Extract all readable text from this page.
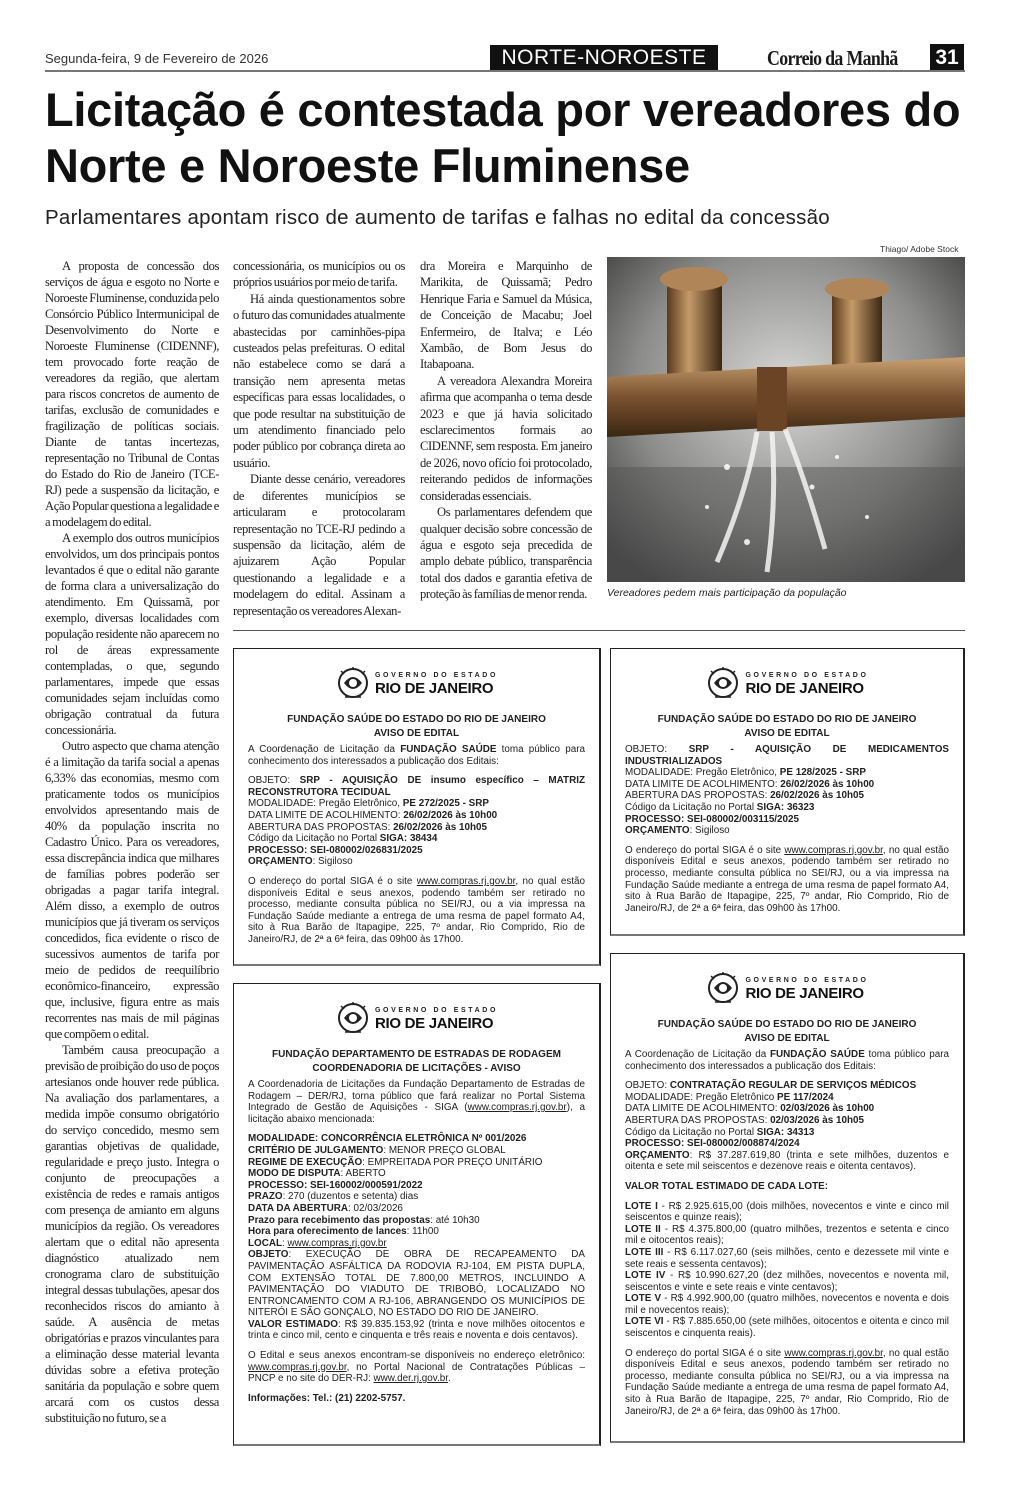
Segunda-feira, 9 de Fevereiro de 2026	NORTE-NOROESTE	Correio da Manhã 31
Licitação é contestada por vereadores do Norte e Noroeste Fluminense
Parlamentares apontam risco de aumento de tarifas e falhas no edital da concessão

A proposta de concessão dos serviços de água e esgoto no Norte e Noroeste Fluminense, conduzida pelo Consórcio Público Intermunicipal de Desenvolvimento do Norte e Noroeste Fluminense (CIDENNF), tem provocado forte reação de vereadores da região, que alertam para riscos concretos de aumento de tarifas, exclusão de comunidades e fragilização de políticas sociais. Diante de tantas incertezas, representação no Tribunal de Contas do Estado do Rio de Janeiro (TCE-RJ) pede a suspensão da licitação, e Ação Popular questiona a legalidade e a modelagem do edital.

A exemplo dos outros municípios envolvidos, um dos principais pontos levantados é que o edital não garante de forma clara a universalização do atendimento. Em Quissamã, por exemplo, diversas localidades com população residente não aparecem no rol de áreas expressamente contempladas, o que, segundo parlamentares, impede que essas comunidades sejam incluídas como obrigação contratual da futura concessionária.

Outro aspecto que chama atenção é a limitação da tarifa social a apenas 6,33% das economias, mesmo com praticamente todos os municípios envolvidos apresentando mais de 40% da população inscrita no Cadastro Único. Para os vereadores, essa discrepância indica que milhares de famílias pobres poderão ser obrigadas a pagar tarifa integral. Além disso, a exemplo de outros municípios que já tiveram os serviços concedidos, fica evidente o risco de sucessivos aumentos de tarifa por meio de pedidos de reequilíbrio econômico-financeiro, expressão que, inclusive, figura entre as mais recorrentes nas mais de mil páginas que compõem o edital.

Também causa preocupação a previsão de proibição do uso de poços artesianos onde houver rede pública. Na avaliação dos parlamentares, a medida impõe consumo obrigatório do serviço concedido, mesmo sem garantias objetivas de qualidade, regularidade e preço justo. Integra o conjunto de preocupações a existência de redes e ramais antigos com presença de amianto em alguns municípios da região. Os vereadores alertam que o edital não apresenta diagnóstico atualizado nem cronograma claro de substituição integral dessas tubulações, apesar dos reconhecidos riscos do amianto à saúde. A ausência de metas obrigatórias e prazos vinculantes para a eliminação desse material levanta dúvidas sobre a efetiva proteção sanitária da população e sobre quem arcará com os custos dessa substituição no futuro, se a

concessionária, os municípios ou os próprios usuários por meio de tarifa.

Há ainda questionamentos sobre o futuro das comunidades atualmente abastecidas por caminhões-pipa custeados pelas prefeituras. O edital não estabelece como se dará a transição nem apresenta metas específicas para essas localidades, o que pode resultar na substituição de um atendimento financiado pelo poder público por cobrança direta ao usuário.

Diante desse cenário, vereadores de diferentes municípios se articularam e protocolaram representação no TCE-RJ pedindo a suspensão da licitação, além de ajuizarem Ação Popular questionando a legalidade e a modelagem do edital. Assinam a representação os vereadores Alexan-

dra Moreira e Marquinho de Marikita, de Quissamã; Pedro Henrique Faria e Samuel da Música, de Conceição de Macabu; Joel Enfermeiro, de Italva; e Léo Xambão, de Bom Jesus do Itabapoana.

A vereadora Alexandra Moreira afirma que acompanha o tema desde 2023 e que já havia solicitado esclarecimentos formais ao CIDENNF, sem resposta. Em janeiro de 2026, novo ofício foi protocolado, reiterando pedidos de informações consideradas essenciais.

Os parlamentares defendem que qualquer decisão sobre concessão de água e esgoto seja precedida de amplo debate público, transparência total dos dados e garantia efetiva de proteção às famílias de menor renda.

Thiago/ Adobe Stock
Vereadores pedem mais participação da população
GOVERNO DO ESTADO
RIO DE JANEIRO
FUNDAÇÃO SAÚDE DO ESTADO DO RIO DE JANEIRO
AVISO DE EDITAL
A Coordenação de Licitação da FUNDAÇÃO SAÚDE toma público para conhecimento dos interessados a publicação dos Editais:
OBJETO: SRP - AQUISIÇÃO DE insumo específico – MATRIZ RECONSTRUTORA TECIDUAL
MODALIDADE: Pregão Eletrônico, PE 272/2025 - SRP
DATA LIMITE DE ACOLHIMENTO: 26/02/2026 às 10h00
ABERTURA DAS PROPOSTAS: 26/02/2026 às 10h05
Código da Licitação no Portal SIGA: 38434
PROCESSO: SEI-080002/026831/2025
ORÇAMENTO: Sigiloso
O endereço do portal SIGA é o site www.compras.rj.gov.br, no qual estão disponíveis Edital e seus anexos, podendo também ser retirado no processo, mediante consulta pública no SEI/RJ, ou a via impressa na Fundação Saúde mediante a entrega de uma resma de papel formato A4, sito à Rua Barão de Itapagipe, 225, 7º andar, Rio Comprido, Rio de Janeiro/RJ, de 2ª a 6ª feira, das 09h00 às 17h00.
GOVERNO DO ESTADO
RIO DE JANEIRO
FUNDAÇÃO DEPARTAMENTO DE ESTRADAS DE RODAGEM
COORDENADORIA DE LICITAÇÕES - AVISO
A Coordenadoria de Licitações da Fundação Departamento de Estradas de Rodagem – DER/RJ, torna público que fará realizar no Portal Sistema Integrado de Gestão de Aquisições - SIGA (www.compras.rj.gov.br), a licitação abaixo mencionada:
MODALIDADE: CONCORRÊNCIA ELETRÔNICA Nº 001/2026
CRITÉRIO DE JULGAMENTO: MENOR PREÇO GLOBAL
REGIME DE EXECUÇÃO: EMPREITADA POR PREÇO UNITÁRIO
MODO DE DISPUTA: ABERTO
PROCESSO: SEI-160002/000591/2022
PRAZO: 270 (duzentos e setenta) dias
DATA DA ABERTURA: 02/03/2026
Prazo para recebimento das propostas: até 10h30
Hora para oferecimento de lances: 11h00
LOCAL: www.compras.rj.gov.br
OBJETO: EXECUÇÃO DE OBRA DE RECAPEAMENTO DA PAVIMENTAÇÃO ASFÁLTICA DA RODOVIA RJ-104, EM PISTA DUPLA, COM EXTENSÃO TOTAL DE 7.800,00 METROS, INCLUINDO A PAVIMENTAÇÃO DO VIADUTO DE TRIBOBÓ, LOCALIZADO NO ENTRONCAMENTO COM A RJ-106, ABRANGENDO OS MUNICÍPIOS DE NITERÓI E SÃO GONÇALO, NO ESTADO DO RIO DE JANEIRO.
VALOR ESTIMADO: R$ 39.835.153,92 (trinta e nove milhões oitocentos e trinta e cinco mil, cento e cinquenta e três reais e noventa e dois centavos).
O Edital e seus anexos encontram-se disponíveis no endereço eletrônico: www.compras.rj.gov.br, no Portal Nacional de Contratações Públicas – PNCP e no site do DER-RJ: www.der.rj.gov.br.
Informações: Tel.: (21) 2202-5757.
GOVERNO DO ESTADO
RIO DE JANEIRO
FUNDAÇÃO SAÚDE DO ESTADO DO RIO DE JANEIRO
AVISO DE EDITAL
OBJETO: SRP - AQUISIÇÃO DE MEDICAMENTOS INDUSTRIALIZADOS
MODALIDADE: Pregão Eletrônico, PE 128/2025 - SRP
DATA LIMITE DE ACOLHIMENTO: 26/02/2026 às 10h00
ABERTURA DAS PROPOSTAS: 26/02/2026 às 10h05
Código da Licitação no Portal SIGA: 36323
PROCESSO: SEI-080002/003115/2025
ORÇAMENTO: Sigiloso
O endereço do portal SIGA é o site www.compras.rj.gov.br, no qual estão disponíveis Edital e seus anexos, podendo também ser retirado no processo, mediante consulta pública no SEI/RJ, ou a via impressa na Fundação Saúde mediante a entrega de uma resma de papel formato A4, sito à Rua Barão de Itapagipe, 225, 7º andar, Rio Comprido, Rio de Janeiro/RJ, de 2ª a 6ª feira, das 09h00 às 17h00.
GOVERNO DO ESTADO
RIO DE JANEIRO
FUNDAÇÃO SAÚDE DO ESTADO DO RIO DE JANEIRO
AVISO DE EDITAL
A Coordenação de Licitação da FUNDAÇÃO SAÚDE toma público para conhecimento dos interessados a publicação dos Editais:
OBJETO: CONTRATAÇÃO REGULAR DE SERVIÇOS MÉDICOS
MODALIDADE: Pregão Eletrônico PE 117/2024
DATA LIMITE DE ACOLHIMENTO: 02/03/2026 às 10h00
ABERTURA DAS PROPOSTAS: 02/03/2026 às 10h05
Código da Licitação no Portal SIGA: 34313
PROCESSO: SEI-080002/008874/2024
ORÇAMENTO: R$ 37.287.619,80 (trinta e sete milhões, duzentos e oitenta e sete mil seiscentos e dezenove reais e oitenta centavos).
VALOR TOTAL ESTIMADO DE CADA LOTE:
LOTE I - R$ 2.925.615,00 (dois milhões, novecentos e vinte e cinco mil seiscentos e quinze reais);
LOTE II - R$ 4.375.800,00 (quatro milhões, trezentos e setenta e cinco mil e oitocentos reais);
LOTE III - R$ 6.117.027,60 (seis milhões, cento e dezessete mil vinte e sete reais e sessenta centavos);
LOTE IV - R$ 10.990.627,20 (dez milhões, novecentos e noventa mil, seiscentos e vinte e sete reais e vinte centavos);
LOTE V - R$ 4.992.900,00 (quatro milhões, novecentos e noventa e dois mil e novecentos reais);
LOTE VI - R$ 7.885.650,00 (sete milhões, oitocentos e oitenta e cinco mil seiscentos e cinquenta reais).
O endereço do portal SIGA é o site www.compras.rj.gov.br, no qual estão disponíveis Edital e seus anexos, podendo também ser retirado no processo, mediante consulta pública no SEI/RJ, ou a via impressa na Fundação Saúde mediante a entrega de uma resma de papel formato A4, sito à Rua Barão de Itapagipe, 225, 7º andar, Rio Comprido, Rio de Janeiro/RJ, de 2ª a 6ª feira, das 09h00 às 17h00.
